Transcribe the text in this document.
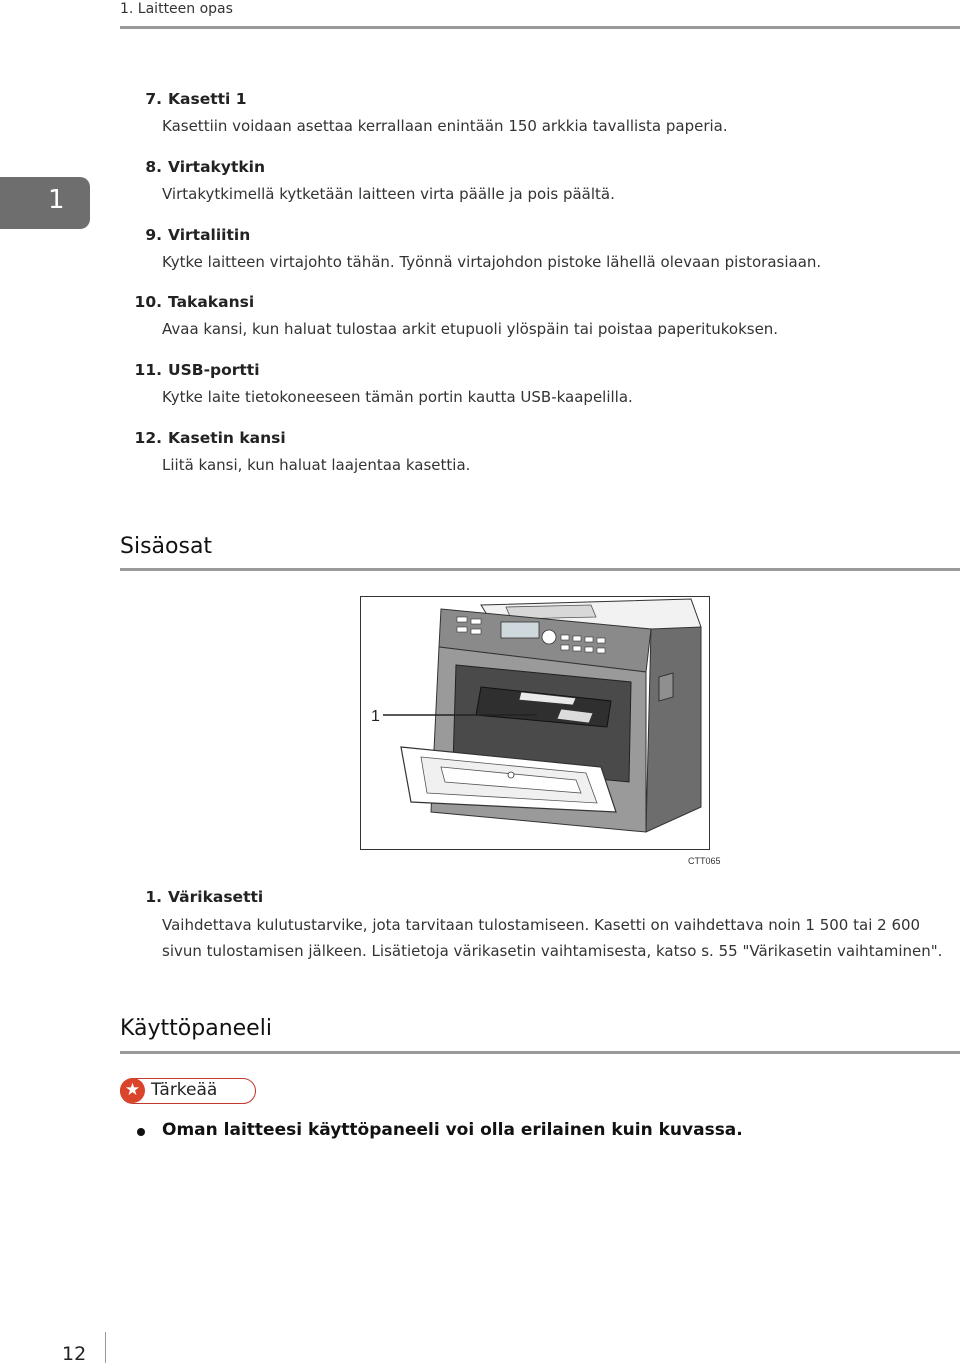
1. Laitteen opas
1
7. Kasetti 1
Kasettiin voidaan asettaa kerrallaan enintään 150 arkkia tavallista paperia.
8. Virtakytkin
Virtakytkimellä kytketään laitteen virta päälle ja pois päältä.
9. Virtaliitin
Kytke laitteen virtajohto tähän. Työnnä virtajohdon pistoke lähellä olevaan pistorasiaan.
10. Takakansi
Avaa kansi, kun haluat tulostaa arkit etupuoli ylöspäin tai poistaa paperitukoksen.
11. USB-portti
Kytke laite tietokoneeseen tämän portin kautta USB-kaapelilla.
12. Kasetin kansi
Liitä kansi, kun haluat laajentaa kasettia.
Sisäosat
1
CTT065
1. Värikasetti
Vaihdettava kulutustarvike, jota tarvitaan tulostamiseen. Kasetti on vaihdettava noin 1 500 tai 2 600 sivun tulostamisen jälkeen. Lisätietoja värikasetin vaihtamisesta, katso s. 55 "Värikasetin vaihtaminen".
Käyttöpaneeli
★ Tärkeää
Oman laitteesi käyttöpaneeli voi olla erilainen kuin kuvassa.
12
